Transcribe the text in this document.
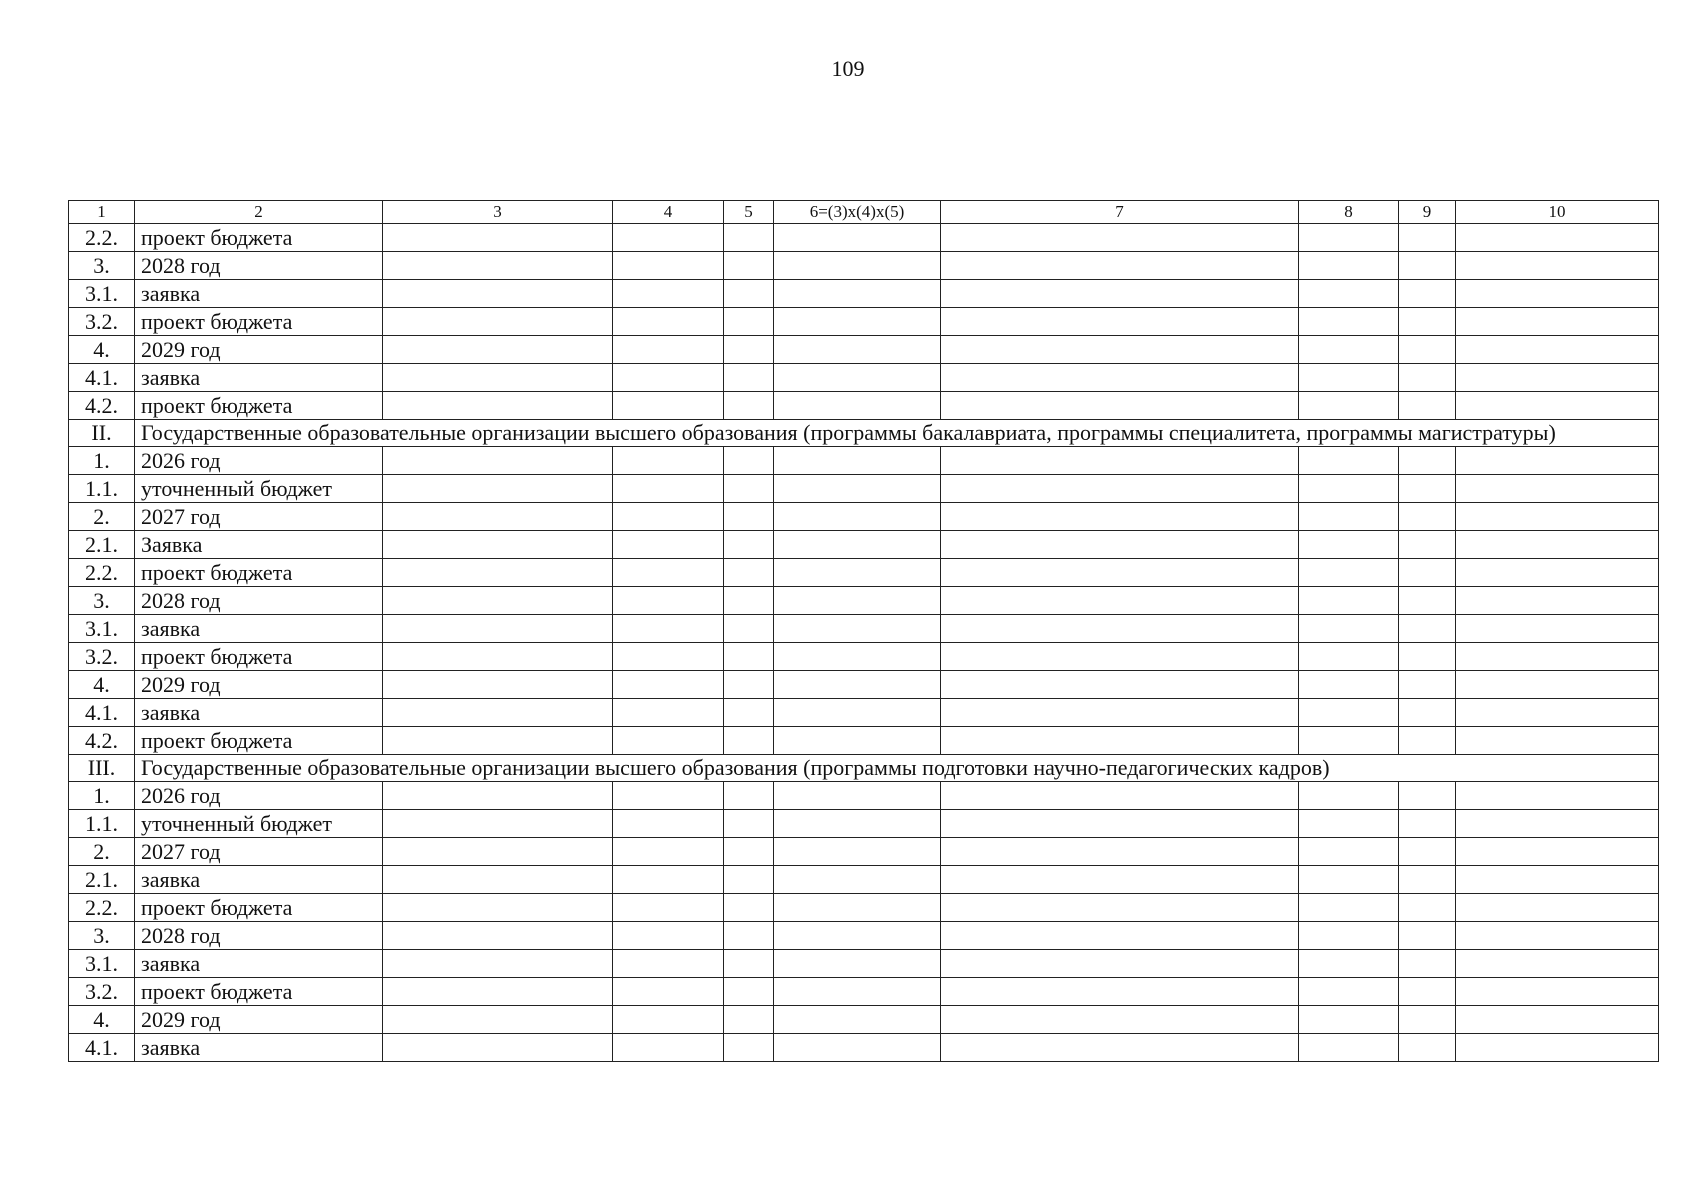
109
1	2	3	4	5	6=(3)x(4)x(5)	7	8	9	10
2.2.	проект бюджета								
3.	2028 год								
3.1.	заявка								
3.2.	проект бюджета								
4.	2029 год								
4.1.	заявка								
4.2.	проект бюджета								
II.	Государственные образовательные организации высшего образования (программы бакалавриата, программы специалитета, программы магистратуры)								
1.	2026 год								
1.1.	уточненный бюджет								
2.	2027 год								
2.1.	Заявка								
2.2.	проект бюджета								
3.	2028 год								
3.1.	заявка								
3.2.	проект бюджета								
4.	2029 год								
4.1.	заявка								
4.2.	проект бюджета								
III.	Государственные образовательные организации высшего образования (программы подготовки научно-педагогических кадров)								
1.	2026 год								
1.1.	уточненный бюджет								
2.	2027 год								
2.1.	заявка								
2.2.	проект бюджета								
3.	2028 год								
3.1.	заявка								
3.2.	проект бюджета								
4.	2029 год								
4.1.	заявка								
